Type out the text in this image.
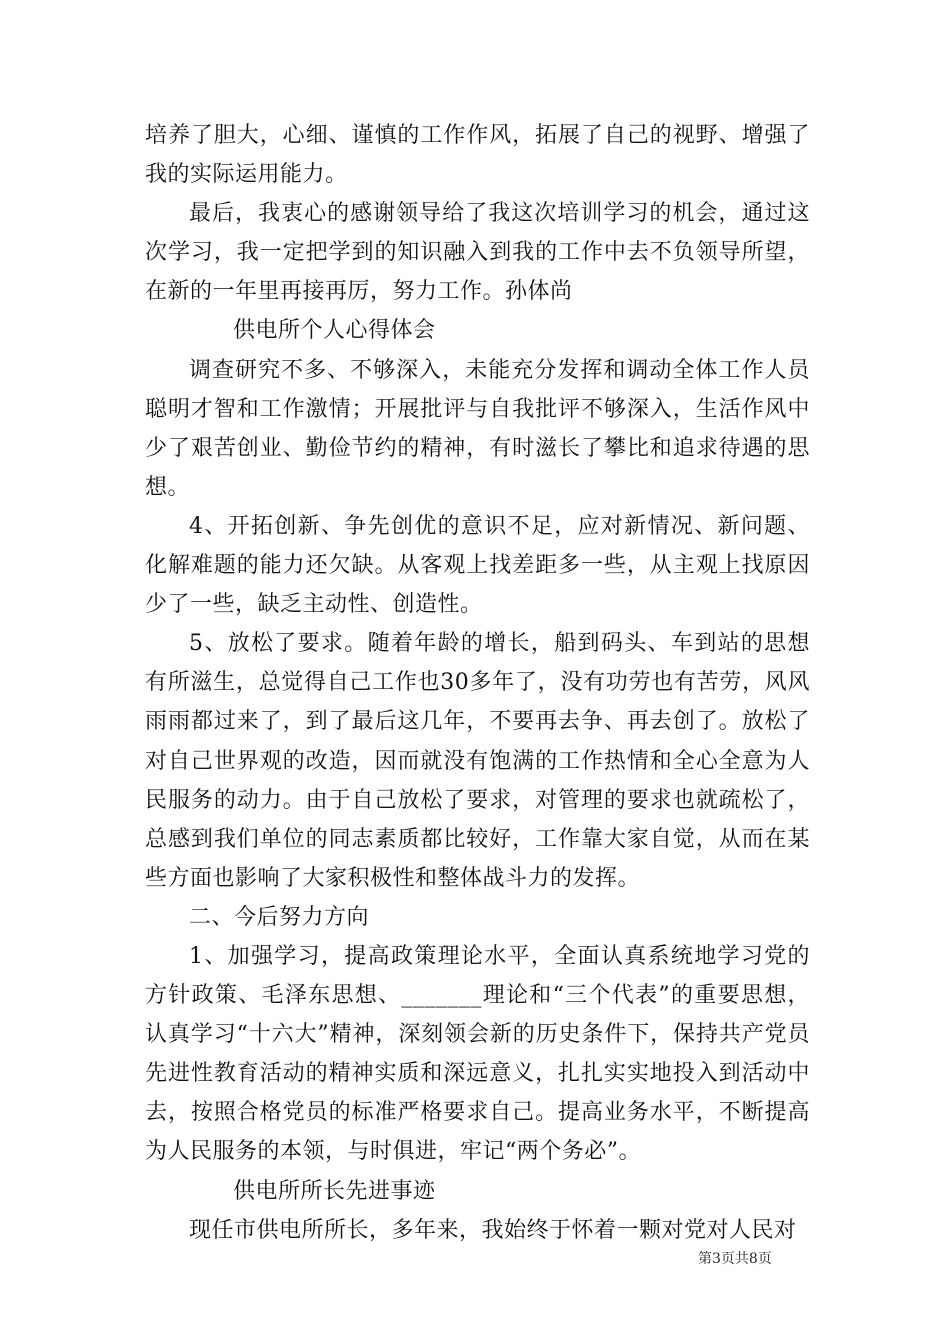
培养了胆大，心细、谨慎的工作作风，拓展了自己的视野、增强了我的实际运用能力。

最后，我衷心的感谢领导给了我这次培训学习的机会，通过这次学习，我一定把学到的知识融入到我的工作中去不负领导所望，在新的一年里再接再厉，努力工作。孙体尚

供电所个人心得体会

调查研究不多、不够深入，未能充分发挥和调动全体工作人员聪明才智和工作激情；开展批评与自我批评不够深入，生活作风中少了艰苦创业、勤俭节约的精神，有时滋长了攀比和追求待遇的思想。

4、开拓创新、争先创优的意识不足，应对新情况、新问题、化解难题的能力还欠缺。从客观上找差距多一些，从主观上找原因少了一些，缺乏主动性、创造性。

5、放松了要求。随着年龄的增长，船到码头、车到站的思想有所滋生，总觉得自己工作也30多年了，没有功劳也有苦劳，风风雨雨都过来了，到了最后这几年，不要再去争、再去创了。放松了对自己世界观的改造，因而就没有饱满的工作热情和全心全意为人民服务的动力。由于自己放松了要求，对管理的要求也就疏松了，总感到我们单位的同志素质都比较好，工作靠大家自觉，从而在某些方面也影响了大家积极性和整体战斗力的发挥。

二、今后努力方向

1、加强学习，提高政策理论水平，全面认真系统地学习党的方针政策、毛泽东思想、_______理论和“三个代表”的重要思想，认真学习“十六大”精神，深刻领会新的历史条件下，保持共产党员先进性教育活动的精神实质和深远意义，扎扎实实地投入到活动中去，按照合格党员的标准严格要求自己。提高业务水平，不断提高为人民服务的本领，与时俱进，牢记“两个务必”。

供电所所长先进事迹

现任市供电所所长，多年来，我始终于怀着一颗对党对人民对

第3页共8页
